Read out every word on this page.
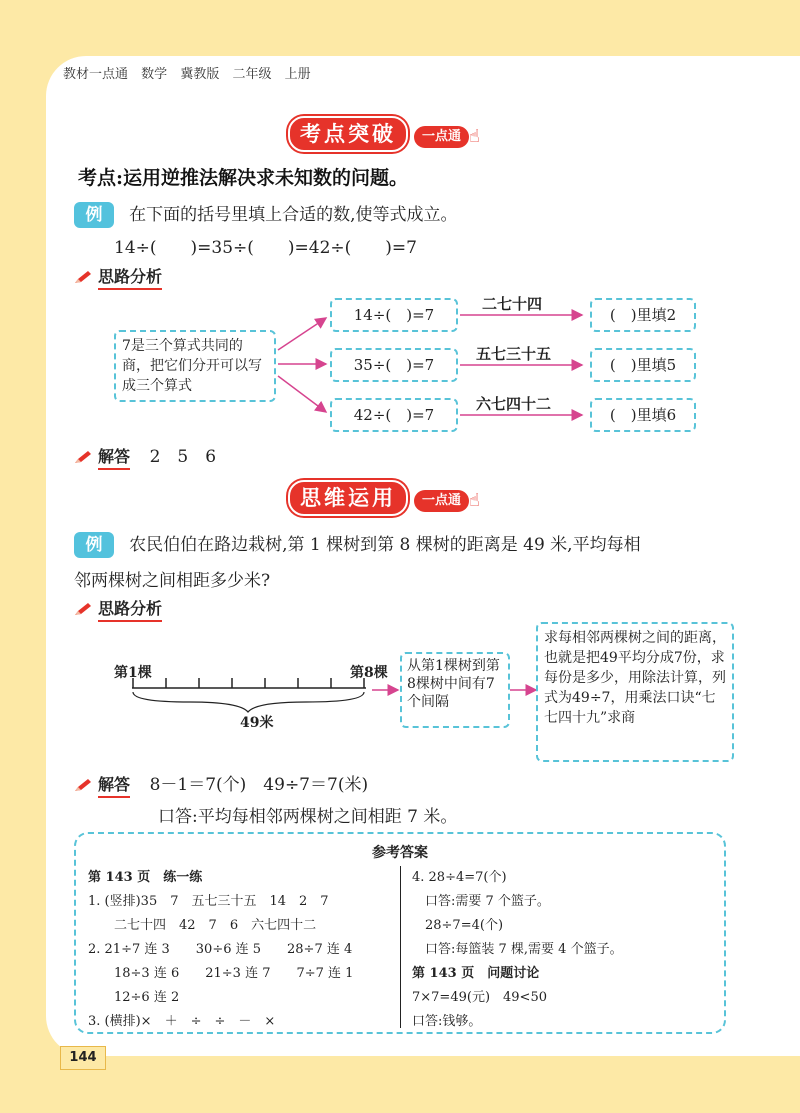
教材一点通 数学 冀教版 二年级 上册
考点突破 一点通 ☝
考点:运用逆推法解决求未知数的问题。
例 在下面的括号里填上合适的数,使等式成立。
14÷(　　)=35÷(　　)=42÷(　　)=7
思路分析
7是三个算式共同的商，把它们分开可以写成三个算式
14÷(　)=7
35÷(　)=7
42÷(　)=7
二七十四
五七三十五
六七四十二
(　)里填2
(　)里填5
(　)里填6
解答 2　5　6
思维运用 一点通 ☝
例 农民伯伯在路边栽树,第 1 棵树到第 8 棵树的距离是 49 米,平均每相
邻两棵树之间相距多少米?
思路分析
第1棵	第8棵
49米
从第1棵树到第8棵树中间有7个间隔
求每相邻两棵树之间的距离，也就是把49平均分成7份，求每份是多少，用除法计算，列式为49÷7，用乘法口诀“七七四十九”求商
解答 8－1＝7(个)　49÷7＝7(米)
口答:平均每相邻两棵树之间相距 7 米。
参考答案
第 143 页　练一练
1. (竖排)35　7　五七三十五　14　2　7
　　二七十四　42　7　6　六七四十二
2. 21÷7 连 3　　30÷6 连 5　　28÷7 连 4
　　18÷3 连 6　　21÷3 连 7　　7÷7 连 1
　　12÷6 连 2
3. (横排)×　＋　÷　÷　－　×
4. 28÷4=7(个)
　口答:需要 7 个篮子。
　28÷7=4(个)
　口答:每篮装 7 棵,需要 4 个篮子。
第 143 页　问题讨论
7×7=49(元)　49<50
口答:钱够。
144
